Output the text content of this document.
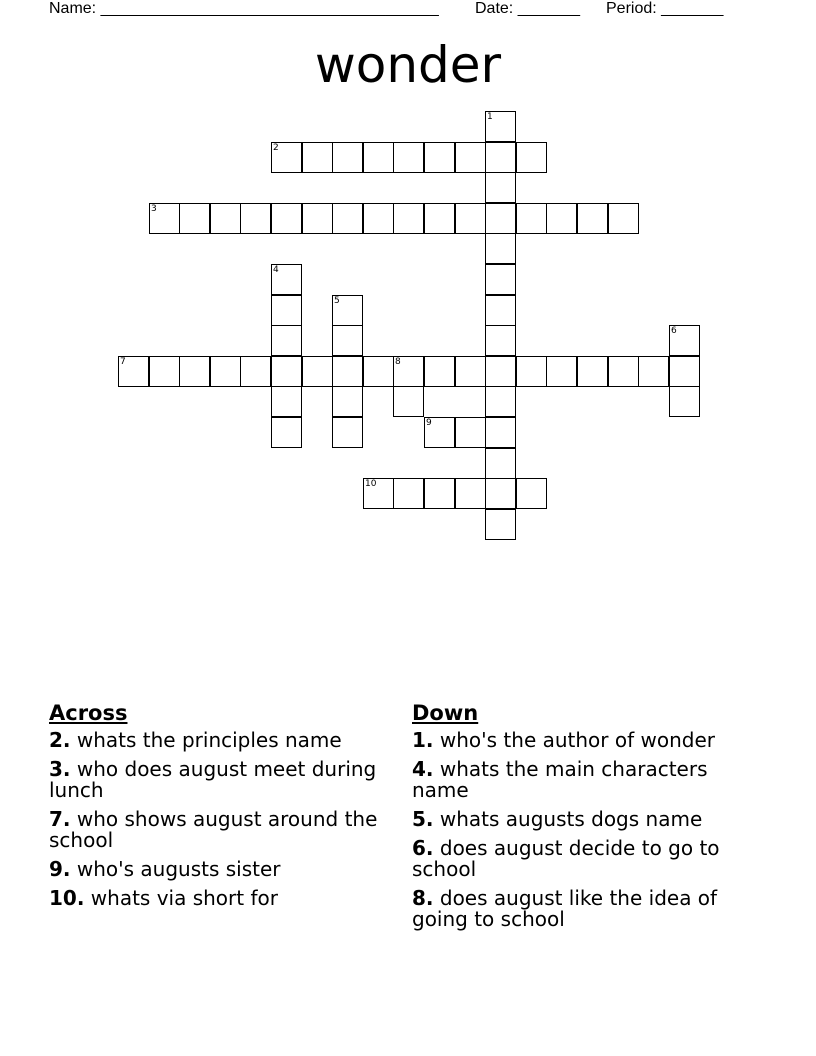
Name: ______________________________________ Date: _______ Period: _______
wonder
1
2
3
4
5
6
7	8
9
10
Across
2. whats the principles name
3. who does august meet during lunch
7. who shows august around the school
9. who's augusts sister
10. whats via short for
Down
1. who's the author of wonder
4. whats the main characters name
5. whats augusts dogs name
6. does august decide to go to school
8. does august like the idea of going to school
